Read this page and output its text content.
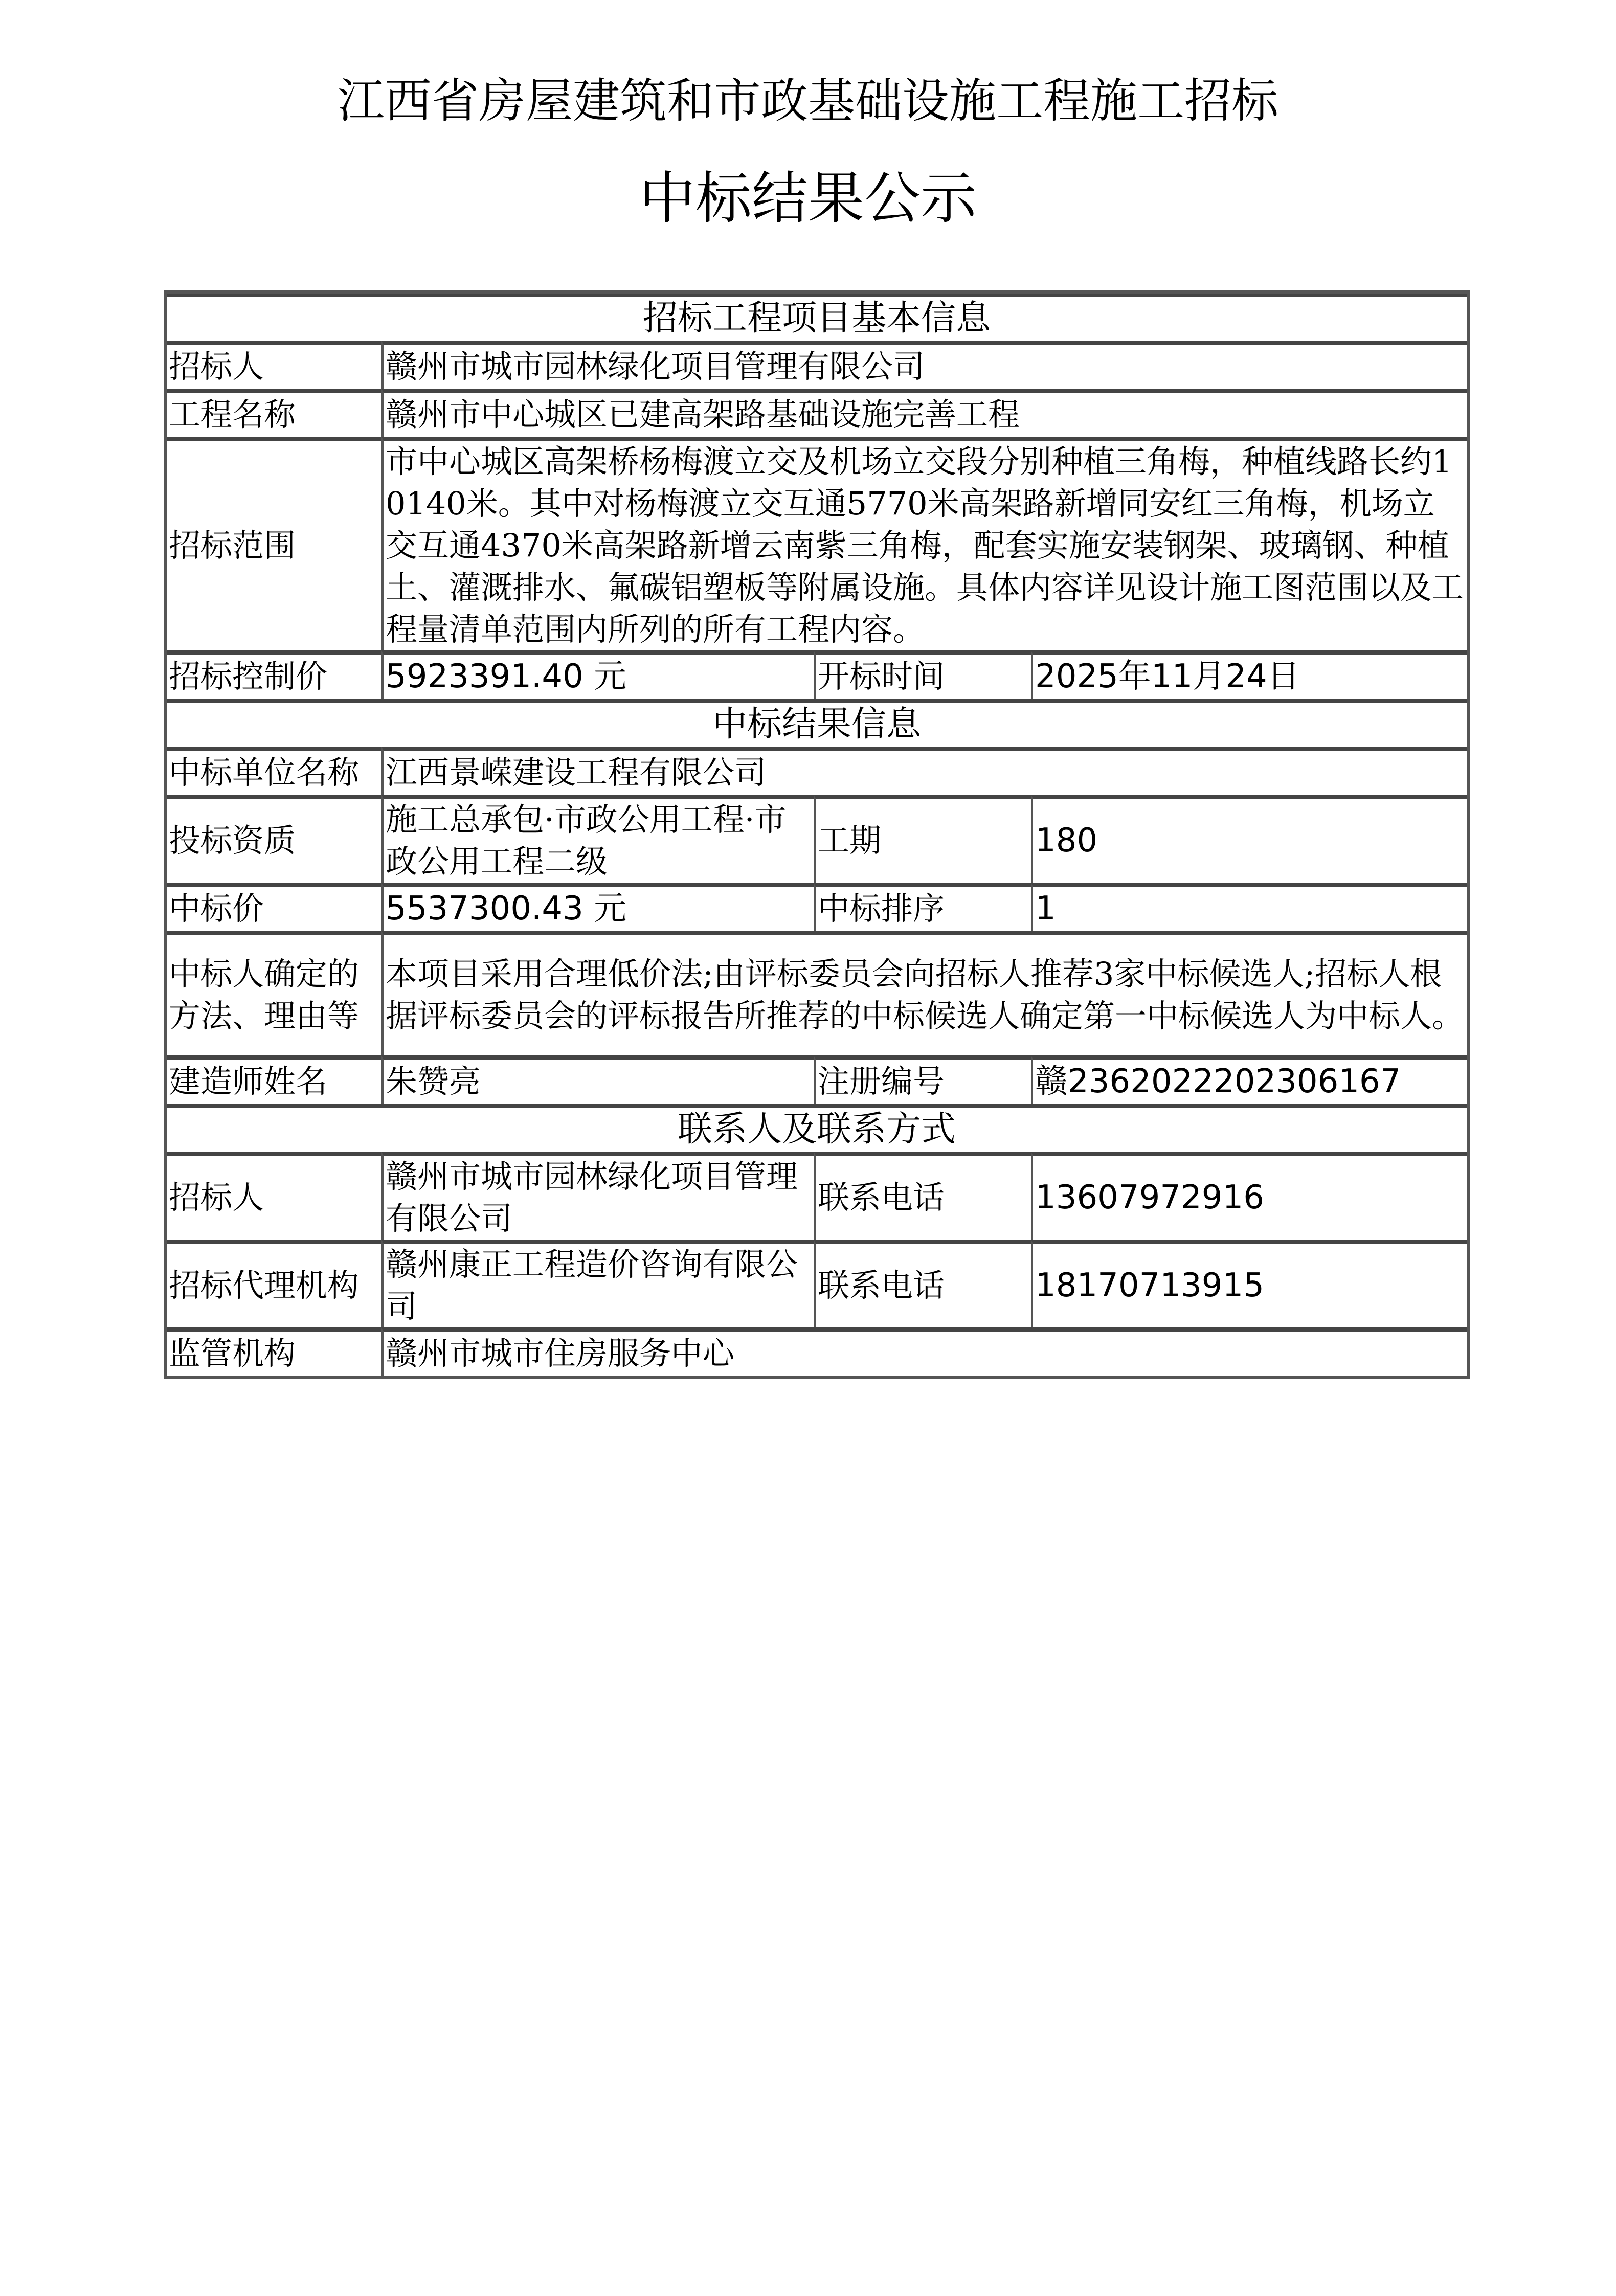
江西省房屋建筑和市政基础设施工程施工招标
中标结果公示
招标工程项目基本信息			
招标人	赣州市城市园林绿化项目管理有限公司		
工程名称	赣州市中心城区已建高架路基础设施完善工程		
招标范围	市中心城区高架桥杨梅渡立交及机场立交段分别种植三角梅，种植线路长约10140米。其中对杨梅渡立交互通5770米高架路新增同安红三角梅，机场立交互通4370米高架路新增云南紫三角梅，配套实施安装钢架、玻璃钢、种植土、灌溉排水、氟碳铝塑板等附属设施。具体内容详见设计施工图范围以及工程量清单范围内所列的所有工程内容。		
招标控制价	5923391.40 元	开标时间	2025年11月24日
中标结果信息			
中标单位名称	江西景嵘建设工程有限公司		
投标资质	施工总承包·市政公用工程·市政公用工程二级	工期	180
中标价	5537300.43 元	中标排序	1
中标人确定的方法、理由等	本项目采用合理低价法;由评标委员会向招标人推荐3家中标候选人;招标人根据评标委员会的评标报告所推荐的中标候选人确定第一中标候选人为中标人。		
建造师姓名	朱赞亮	注册编号	赣2362022202306167
联系人及联系方式			
招标人	赣州市城市园林绿化项目管理有限公司	联系电话	13607972916
招标代理机构	赣州康正工程造价咨询有限公司	联系电话	18170713915
监管机构	赣州市城市住房服务中心		
